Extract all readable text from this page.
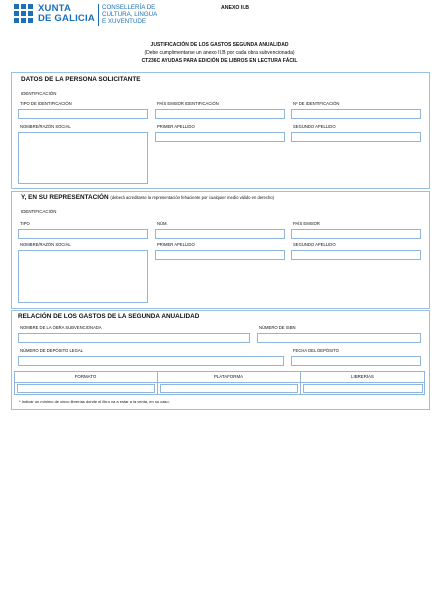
XUNTA
DE GALICIA
CONSELLERÍA DE
CULTURA, LINGUA
E XUVENTUDE
ANEXO II.B
JUSTIFICACIÓN DE LOS GASTOS SEGUNDA ANUALIDAD
(Debe cumplimentarse un anexo II.B por cada obra subvencionada)
CT236C AYUDAS PARA EDICIÓN DE LIBROS EN LECTURA FÁCIL
DATOS DE LA PERSONA SOLICITANTE
IDENTIFICACIÓN
TIPO DE IDENTIFICACIÓN	PAÍS EMISOR IDENTIFICACIÓN	Nº DE IDENTIFICACIÓN
NOMBRE/RAZÓN SOCIAL	PRIMER APELLIDO	SEGUNDO APELLIDO
Y, EN SU REPRESENTACIÓN (deberá acreditarse la representación fehaciente por cualquier medio válido en derecho)
IDENTIFICACIÓN
TIPO	NÚM.	PAÍS EMISOR
NOMBRE/RAZÓN SOCIAL	PRIMER APELLIDO	SEGUNDO APELLIDO
RELACIÓN DE LOS GASTOS DE LA SEGUNDA ANUALIDAD
NOMBRE DE LA OBRA SUBVENCIONADA	NÚMERO DE ISBN
NÚMERO DE DEPÓSITO LEGAL	FECHA DEL DEPÓSITO
FORMATO	PLATAFORMA	LIBRERÍAS
* Indicar un mínimo de cinco librerías donde el libro va a estar a la venta, en su caso.
